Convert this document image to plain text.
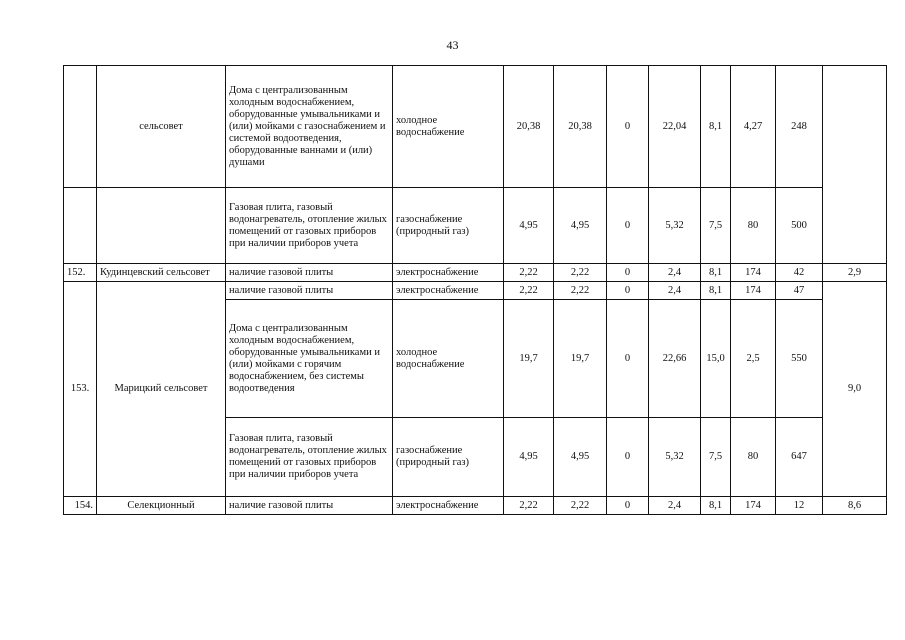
43
	сельсовет	Дома с централизованным холодным водоснабжением, оборудованные умывальниками и (или) мойками с газоснабжением и системой водоотведения, оборудованные ваннами и (или) душами	холодное водоснабжение	20,38	20,38	0	22,04	8,1	4,27	248	
		Газовая плита, газовый водонагреватель, отопление жилых помещений от газовых приборов при наличии приборов учета	газоснабжение (природный газ)	4,95	4,95	0	5,32	7,5	80	500	
152.	Кудинцевский сельсовет	наличие газовой плиты	электроснабжение	2,22	2,22	0	2,4	8,1	174	42	2,9
153.	Марицкий сельсовет	наличие газовой плиты	электроснабжение	2,22	2,22	0	2,4	8,1	174	47	9,0
		Дома с централизованным холодным водоснабжением, оборудованные умывальниками и (или) мойками с горячим водоснабжением, без системы водоотведения	холодное водоснабжение	19,7	19,7	0	22,66	15,0	2,5	550	
		Газовая плита, газовый водонагреватель, отопление жилых помещений от газовых приборов при наличии приборов учета	газоснабжение (природный газ)	4,95	4,95	0	5,32	7,5	80	647	
154.	Селекционный	наличие газовой плиты	электроснабжение	2,22	2,22	0	2,4	8,1	174	12	8,6
